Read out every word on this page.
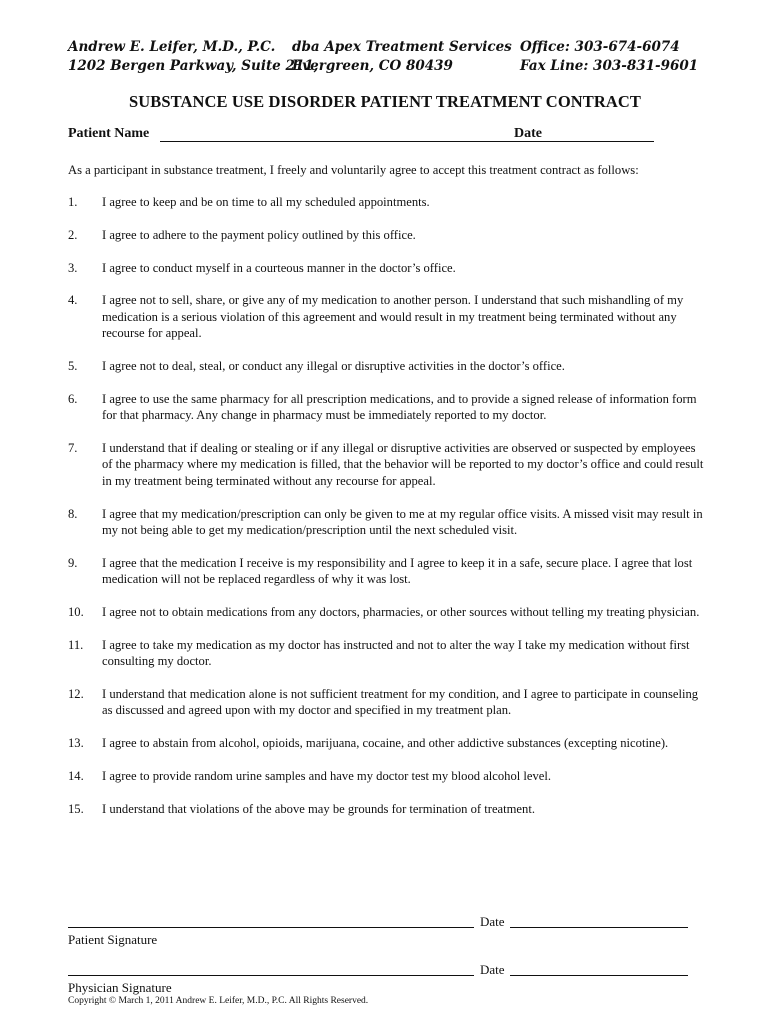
Andrew E. Leifer, M.D., P.C.
1202 Bergen Parkway, Suite 211,
dba Apex Treatment Services
Evergreen, CO 80439
Office: 303-674-6074
Fax Line: 303-831-9601
SUBSTANCE USE DISORDER PATIENT TREATMENT CONTRACT
Patient Name	Date
As a participant in substance treatment, I freely and voluntarily agree to accept this treatment contract as follows:
1. I agree to keep and be on time to all my scheduled appointments.
2. I agree to adhere to the payment policy outlined by this office.
3. I agree to conduct myself in a courteous manner in the doctor’s office.
4. I agree not to sell, share, or give any of my medication to another person. I understand that such mishandling of my medication is a serious violation of this agreement and would result in my treatment being terminated without any recourse for appeal.
5. I agree not to deal, steal, or conduct any illegal or disruptive activities in the doctor’s office.
6. I agree to use the same pharmacy for all prescription medications, and to provide a signed release of information form for that pharmacy. Any change in pharmacy must be immediately reported to my doctor.
7. I understand that if dealing or stealing or if any illegal or disruptive activities are observed or suspected by employees of the pharmacy where my medication is filled, that the behavior will be reported to my doctor’s office and could result in my treatment being terminated without any recourse for appeal.
8. I agree that my medication/prescription can only be given to me at my regular office visits. A missed visit may result in my not being able to get my medication/prescription until the next scheduled visit.
9. I agree that the medication I receive is my responsibility and I agree to keep it in a safe, secure place. I agree that lost medication will not be replaced regardless of why it was lost.
10. I agree not to obtain medications from any doctors, pharmacies, or other sources without telling my treating physician.
11. I agree to take my medication as my doctor has instructed and not to alter the way I take my medication without first consulting my doctor.
12. I understand that medication alone is not sufficient treatment for my condition, and I agree to participate in counseling as discussed and agreed upon with my doctor and specified in my treatment plan.
13. I agree to abstain from alcohol, opioids, marijuana, cocaine, and other addictive substances (excepting nicotine).
14. I agree to provide random urine samples and have my doctor test my blood alcohol level.
15. I understand that violations of the above may be grounds for termination of treatment.
Date
Patient Signature
Date
Physician Signature
Copyright © March 1, 2011 Andrew E. Leifer, M.D., P.C. All Rights Reserved.
